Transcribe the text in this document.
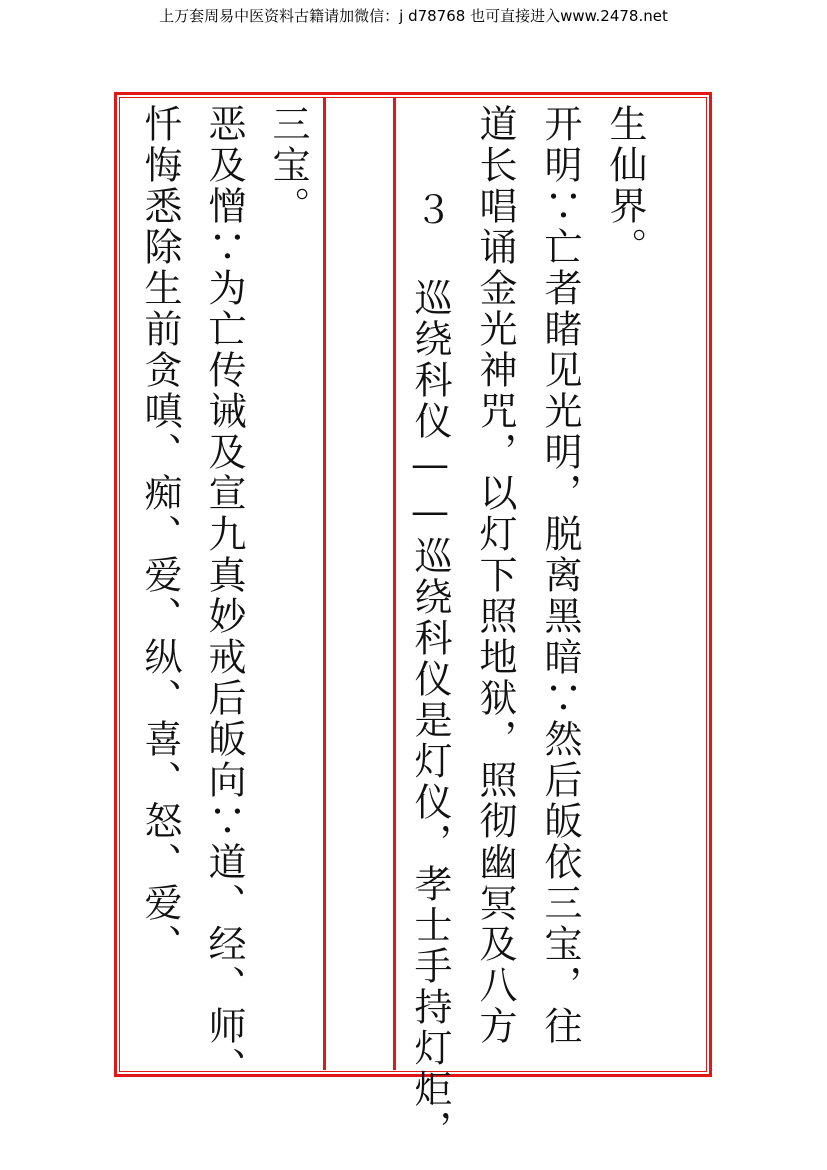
上万套周易中医资料古籍请加微信：j d78768 也可直接进入www.2478.net
生仙界。
开明∵亡者睹见光明，脱离黑暗∵然后皈依三宝，往
道长唱诵金光神咒，以灯下照地狱，照彻幽冥及八方
３ 巡绕科仪——巡绕科仪是灯仪，孝士手持灯炬，
三宝。
恶及憎∵为亡传诫及宣九真妙戒后皈向∵道、经、师、
忏悔悉除生前贪嗔、痴、爱、纵、喜、怒、爱、
